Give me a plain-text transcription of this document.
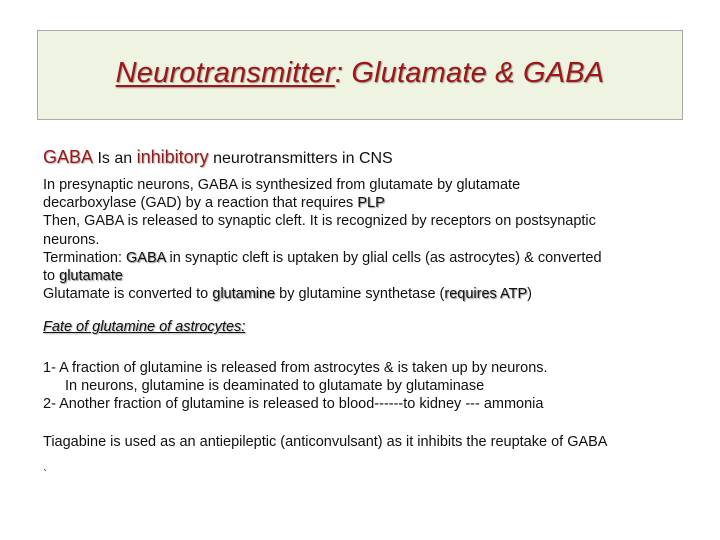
Neurotransmitter: Glutamate & GABA
GABA Is an inhibitory neurotransmitters in CNS
In presynaptic neurons, GABA is synthesized from glutamate by glutamate
decarboxylase (GAD) by a reaction that requires PLP
Then, GABA is released to synaptic cleft. It is recognized by receptors on postsynaptic
neurons.
Termination: GABA in synaptic cleft is uptaken by glial cells (as astrocytes) & converted
to glutamate
Glutamate is converted to glutamine by glutamine synthetase (requires ATP)
Fate of glutamine of astrocytes:
1- A fraction of glutamine is released from astrocytes & is taken up by neurons.
In neurons, glutamine is deaminated to glutamate by glutaminase
2- Another fraction of glutamine is released to blood------to kidney --- ammonia
Tiagabine is used as an antiepileptic (anticonvulsant) as it inhibits the reuptake of GABA
`
